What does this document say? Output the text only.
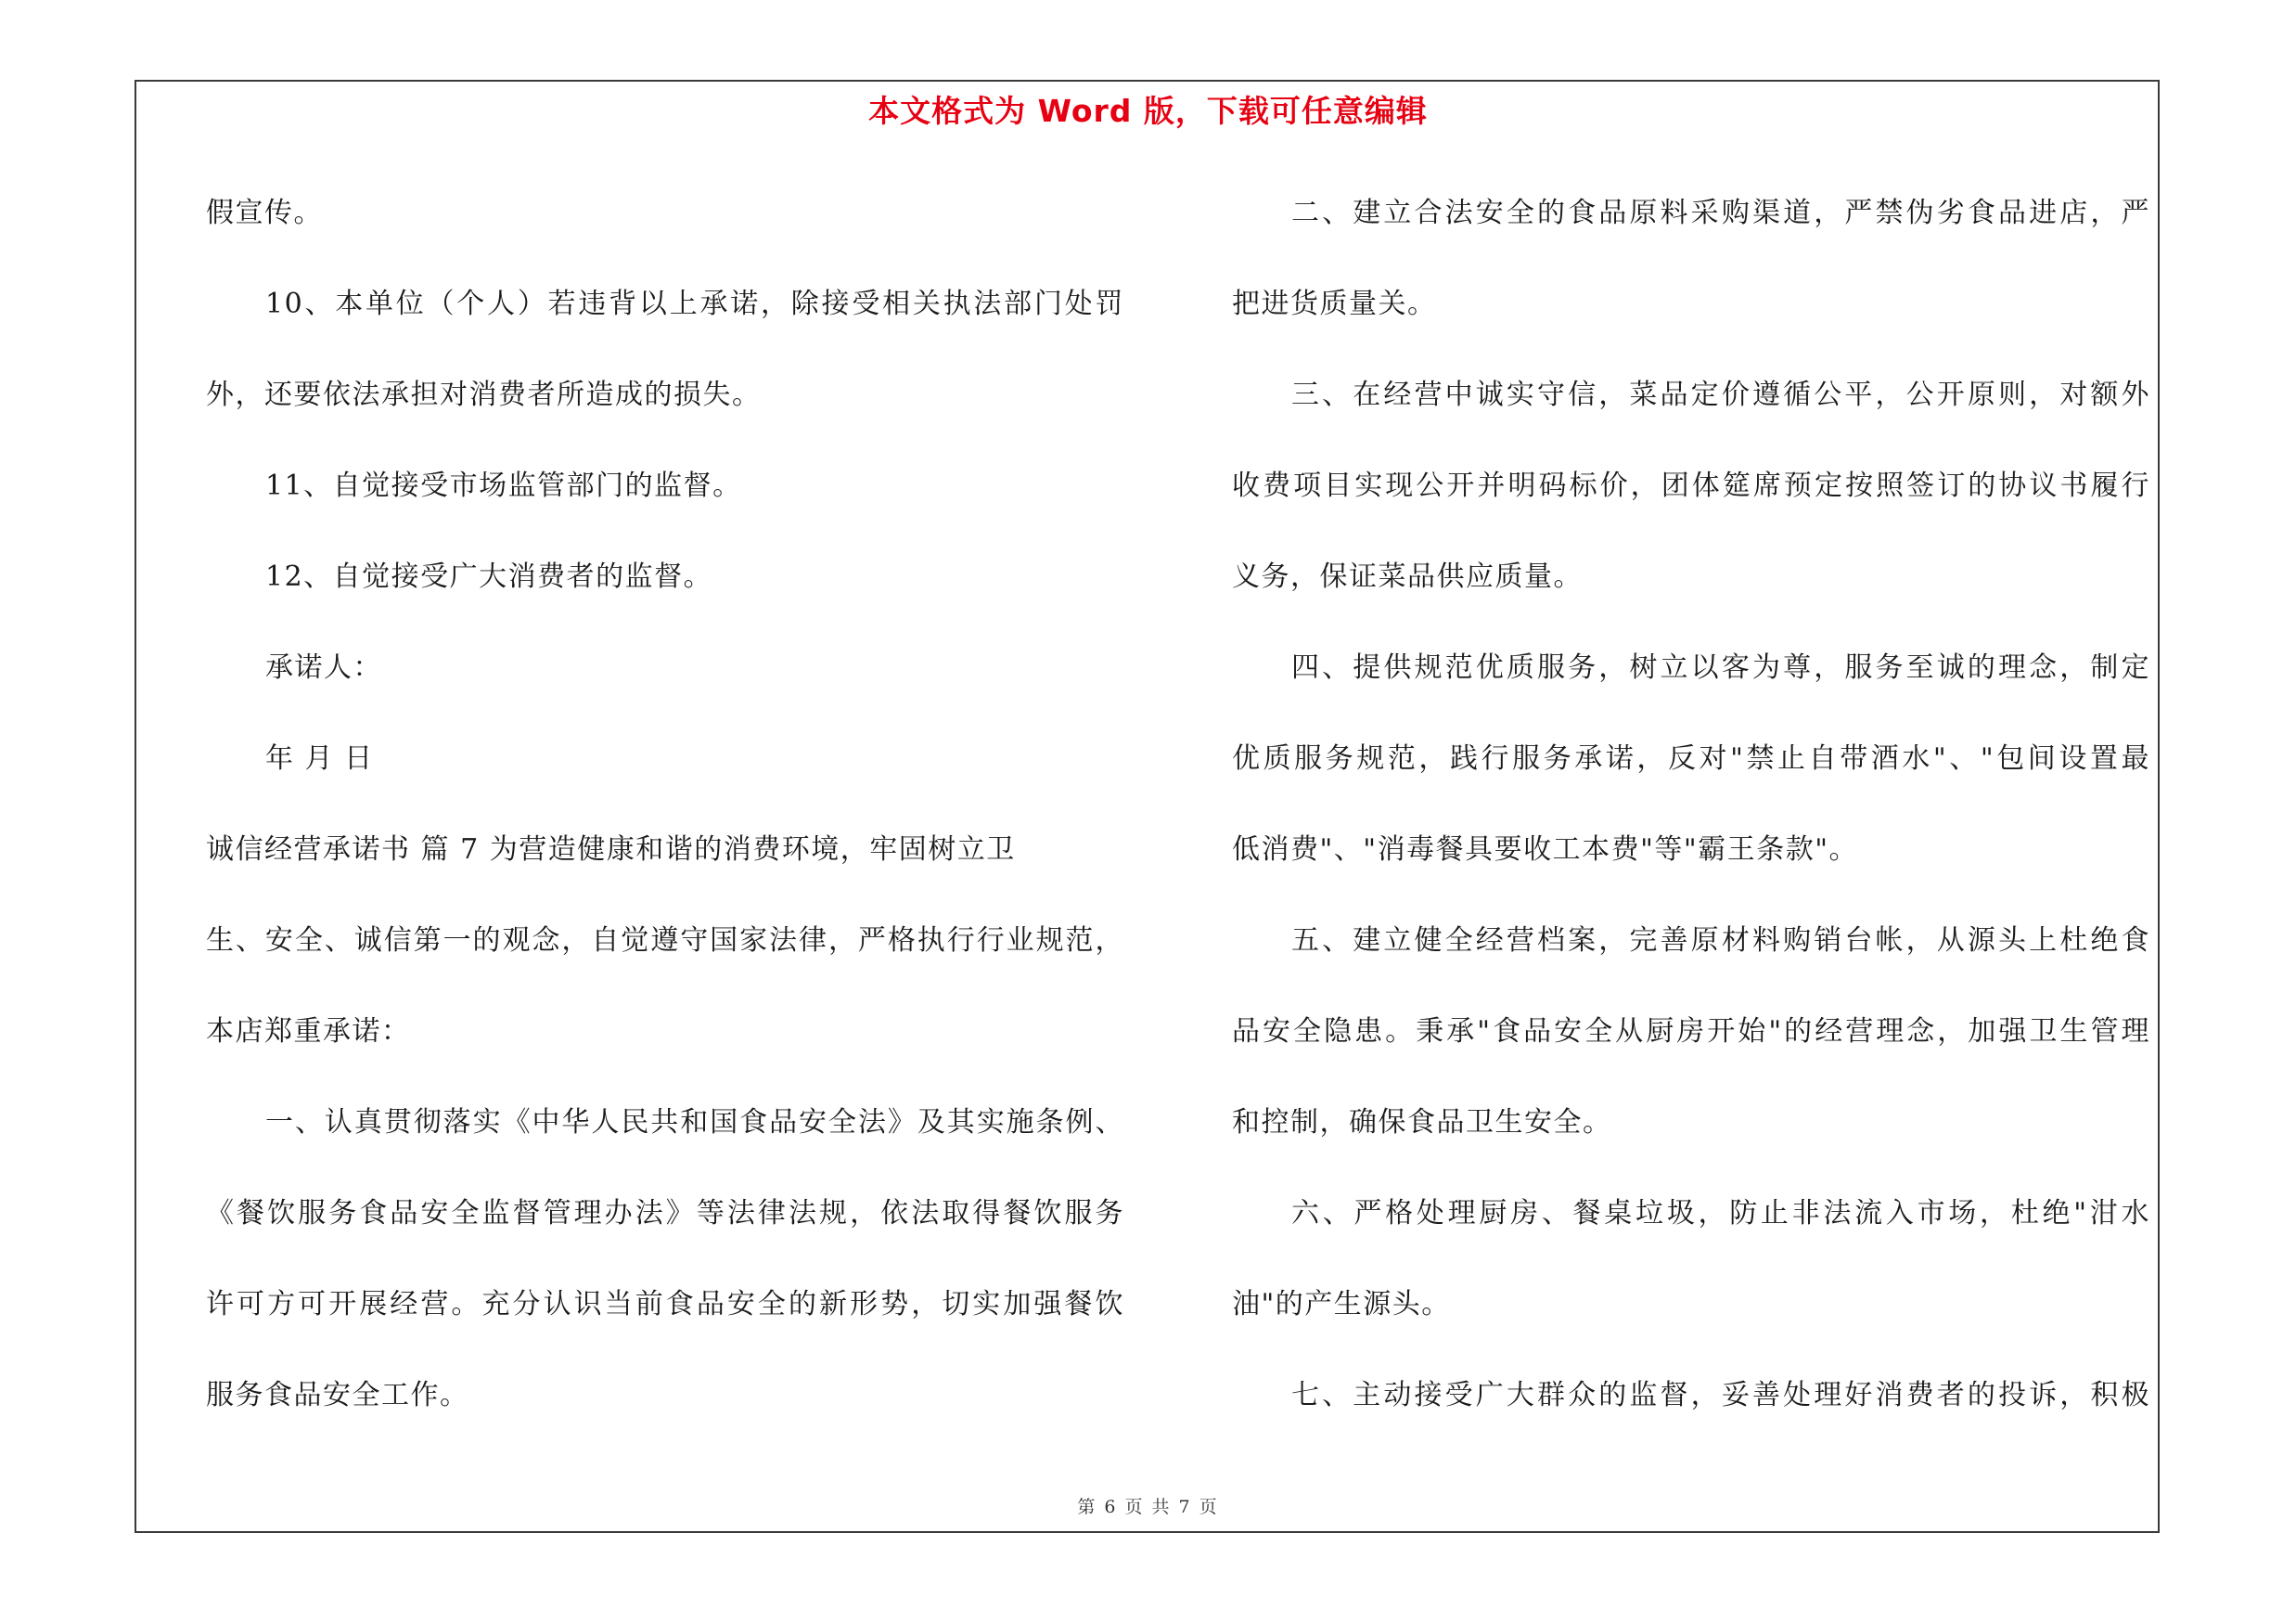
本文格式为 Word 版，下载可任意编辑
假宣传。
10、本单位（个人）若违背以上承诺，除接受相关执法部门处罚
外，还要依法承担对消费者所造成的损失。
11、自觉接受市场监管部门的监督。
12、自觉接受广大消费者的监督。
承诺人：
年 月 日
诚信经营承诺书 篇 7 为营造健康和谐的消费环境，牢固树立卫
生、安全、诚信第一的观念，自觉遵守国家法律，严格执行行业规范，
本店郑重承诺：
一、认真贯彻落实《中华人民共和国食品安全法》及其实施条例、
《餐饮服务食品安全监督管理办法》等法律法规，依法取得餐饮服务
许可方可开展经营。充分认识当前食品安全的新形势，切实加强餐饮
服务食品安全工作。
二、建立合法安全的食品原料采购渠道，严禁伪劣食品进店，严
把进货质量关。
三、在经营中诚实守信，菜品定价遵循公平，公开原则，对额外
收费项目实现公开并明码标价，团体筵席预定按照签订的协议书履行
义务，保证菜品供应质量。
四、提供规范优质服务，树立以客为尊，服务至诚的理念，制定
优质服务规范，践行服务承诺，反对"禁止自带酒水"、"包间设置最
低消费"、"消毒餐具要收工本费"等"霸王条款"。
五、建立健全经营档案，完善原材料购销台帐，从源头上杜绝食
品安全隐患。秉承"食品安全从厨房开始"的经营理念，加强卫生管理
和控制，确保食品卫生安全。
六、严格处理厨房、餐桌垃圾，防止非法流入市场，杜绝"泔水
油"的产生源头。
七、主动接受广大群众的监督，妥善处理好消费者的投诉，积极
第 6 页 共 7 页
